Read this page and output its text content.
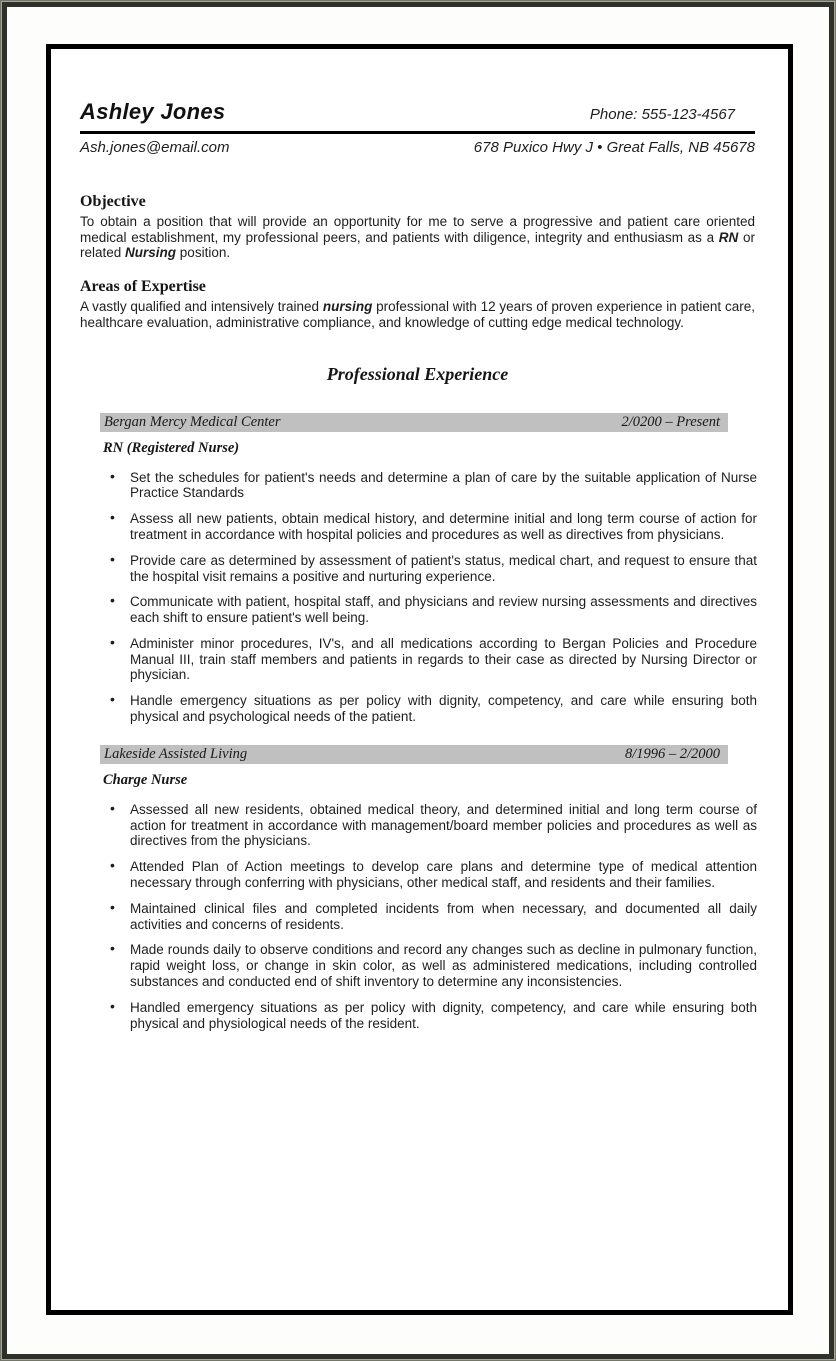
Ashley Jones	Phone: 555-123-4567
Ash.jones@email.com	678 Puxico Hwy J • Great Falls, NB 45678
Objective

To obtain a position that will provide an opportunity for me to serve a progressive and patient care oriented medical establishment, my professional peers, and patients with diligence, integrity and enthusiasm as a RN or related Nursing position.

Areas of Expertise

A vastly qualified and intensively trained nursing professional with 12 years of proven experience in patient care, healthcare evaluation, administrative compliance, and knowledge of cutting edge medical technology.

Professional Experience
Bergan Mercy Medical Center	2/0200 – Present
RN (Registered Nurse)
• Set the schedules for patient's needs and determine a plan of care by the suitable application of Nurse Practice Standards
• Assess all new patients, obtain medical history, and determine initial and long term course of action for treatment in accordance with hospital policies and procedures as well as directives from physicians.
• Provide care as determined by assessment of patient's status, medical chart, and request to ensure that the hospital visit remains a positive and nurturing experience.
• Communicate with patient, hospital staff, and physicians and review nursing assessments and directives each shift to ensure patient's well being.
• Administer minor procedures, IV's, and all medications according to Bergan Policies and Procedure Manual III, train staff members and patients in regards to their case as directed by Nursing Director or physician.
• Handle emergency situations as per policy with dignity, competency, and care while ensuring both physical and psychological needs of the patient.
Lakeside Assisted Living	8/1996 – 2/2000
Charge Nurse
• Assessed all new residents, obtained medical theory, and determined initial and long term course of action for treatment in accordance with management/board member policies and procedures as well as directives from the physicians.
• Attended Plan of Action meetings to develop care plans and determine type of medical attention necessary through conferring with physicians, other medical staff, and residents and their families.
• Maintained clinical files and completed incidents from when necessary, and documented all daily activities and concerns of residents.
• Made rounds daily to observe conditions and record any changes such as decline in pulmonary function, rapid weight loss, or change in skin color, as well as administered medications, including controlled substances and conducted end of shift inventory to determine any inconsistencies.
• Handled emergency situations as per policy with dignity, competency, and care while ensuring both physical and physiological needs of the resident.
